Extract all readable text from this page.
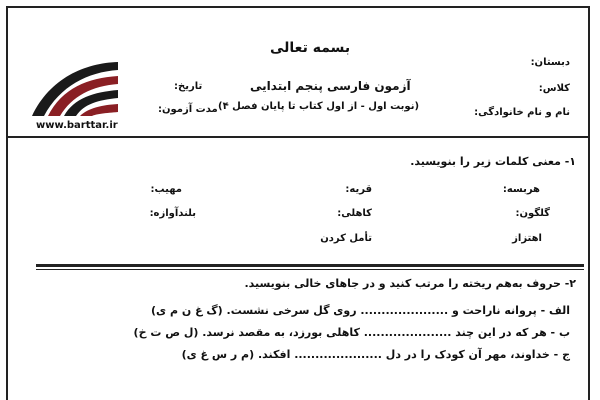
بسمه تعالی
دبستان:
کلاس:
نام و نام خانوادگی:
آزمون فارسی پنجم ابتدایی
(نوبت اول - از اول کتاب تا پایان فصل ۴)
تاریخ:
مدت آزمون:
www.barttar.ir
۱- معنی کلمات زیر را بنویسید.
هربسه:
قریه:
مهیب:
گلگون:
کاهلی:
بلندآوازه:
اهتزاز
تأمل کردن
۲- حروف به‌هم ریخته را مرتب کنید و در جاهای خالی بنویسید.
الف - پروانه ناراحت و ..................... روی گل سرخی نشست. (گ غ ن م ی)
ب - هر که در این چند ..................... کاهلی بورزد، به مقصد نرسد. (ل ص ت خ)
ج - خداوند، مهر آن کودک را در دل ..................... افکند. (م ر س غ ی)
